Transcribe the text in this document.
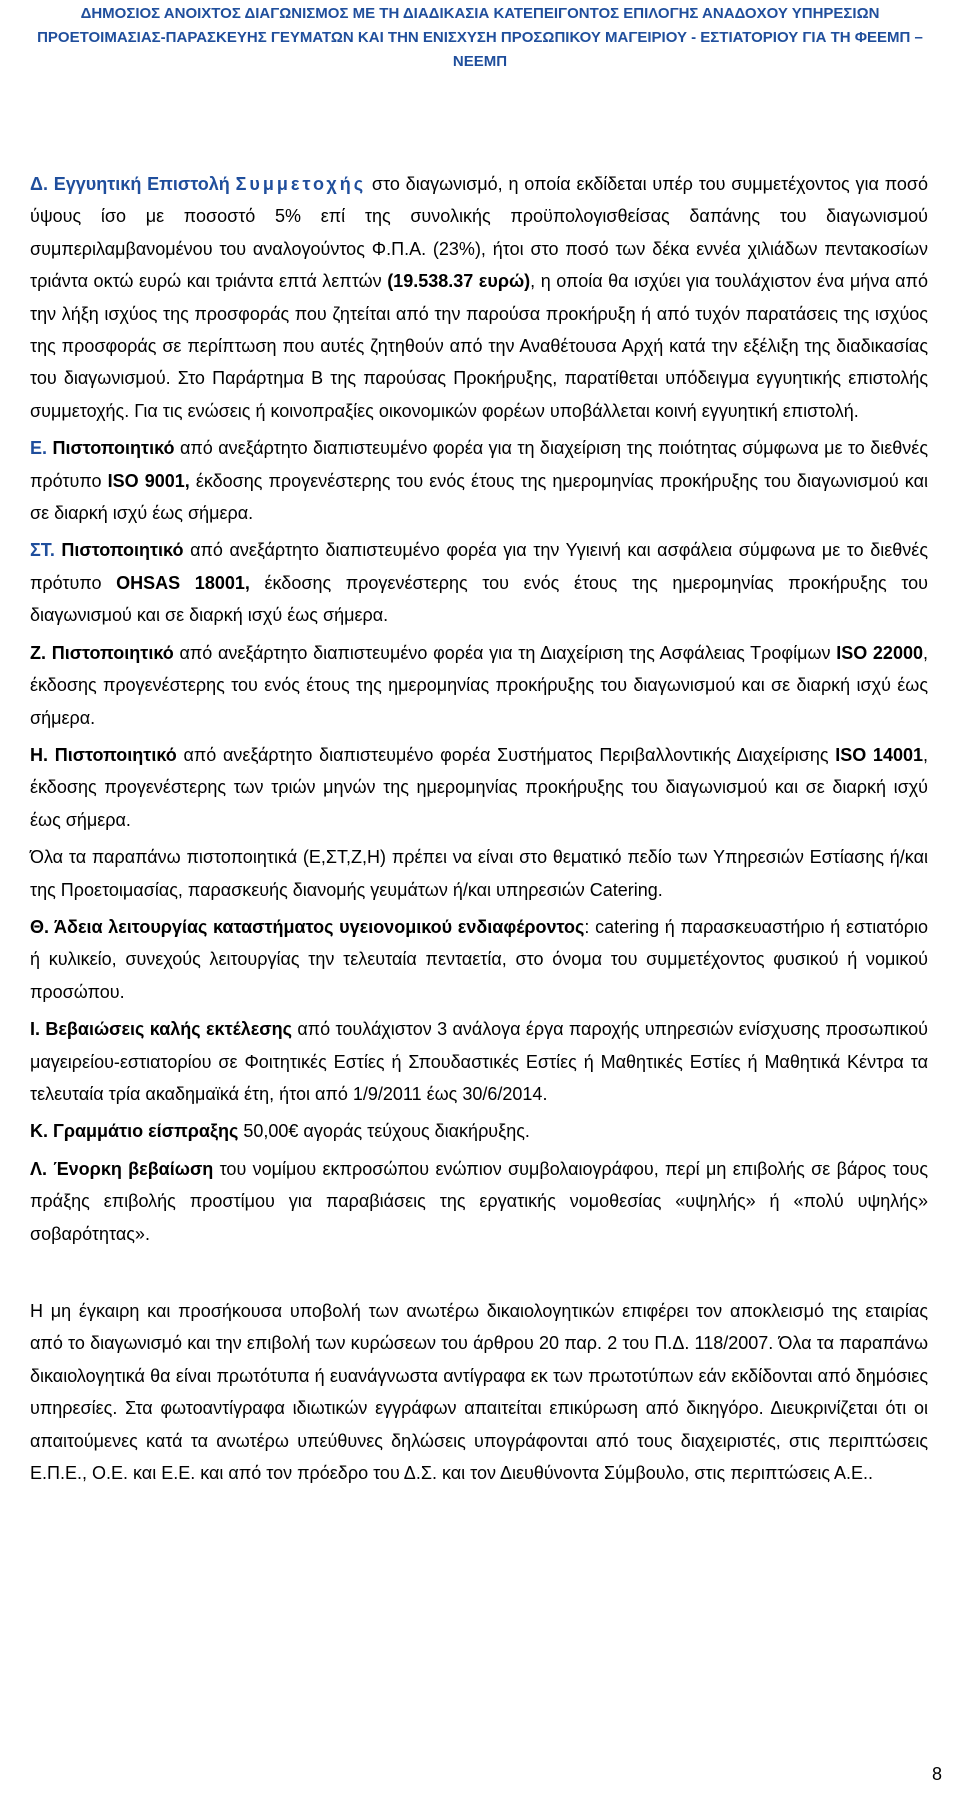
ΔΗΜΟΣΙΟΣ ΑΝΟΙΧΤΟΣ ΔΙΑΓΩΝΙΣΜΟΣ ΜΕ ΤΗ ΔΙΑΔΙΚΑΣΙΑ ΚΑΤΕΠΕΙΓΟΝΤΟΣ ΕΠΙΛΟΓΗΣ ΑΝΑΔΟΧΟΥ ΥΠΗΡΕΣΙΩΝ
ΠΡΟΕΤΟΙΜΑΣΙΑΣ-ΠΑΡΑΣΚΕΥΗΣ ΓΕΥΜΑΤΩΝ ΚΑΙ ΤΗΝ ΕΝΙΣΧΥΣΗ ΠΡΟΣΩΠΙΚΟΥ ΜΑΓΕΙΡΙΟΥ - ΕΣΤΙΑΤΟΡΙΟΥ ΓΙΑ ΤΗ ΦΕΕΜΠ –
ΝΕΕΜΠ

Δ. Εγγυητική Επιστολή Συμμετοχής στο διαγωνισμό, η οποία εκδίδεται υπέρ του συμμετέχοντος για ποσό ύψους ίσο με ποσοστό 5% επί της συνολικής προϋπολογισθείσας δαπάνης του διαγωνισμού συμπεριλαμβανομένου του αναλογούντος Φ.Π.Α. (23%), ήτοι στο ποσό των δέκα εννέα χιλιάδων πεντακοσίων τριάντα οκτώ ευρώ και τριάντα επτά λεπτών (19.538.37 ευρώ), η οποία θα ισχύει για τουλάχιστον ένα μήνα από την λήξη ισχύος της προσφοράς που ζητείται από την παρούσα προκήρυξη ή από τυχόν παρατάσεις της ισχύος της προσφοράς σε περίπτωση που αυτές ζητηθούν από την Αναθέτουσα Αρχή κατά την εξέλιξη της διαδικασίας του διαγωνισμού. Στο Παράρτημα Β της παρούσας Προκήρυξης, παρατίθεται υπόδειγμα εγγυητικής επιστολής συμμετοχής. Για τις ενώσεις ή κοινοπραξίες οικονομικών φορέων υποβάλλεται κοινή εγγυητική επιστολή.

Ε. Πιστοποιητικό από ανεξάρτητο διαπιστευμένο φορέα για τη διαχείριση της ποιότητας σύμφωνα με το διεθνές πρότυπο ISO 9001, έκδοσης προγενέστερης του ενός έτους της ημερομηνίας προκήρυξης του διαγωνισμού και σε διαρκή ισχύ έως σήμερα.

ΣΤ. Πιστοποιητικό από ανεξάρτητο διαπιστευμένο φορέα για την Υγιεινή και ασφάλεια σύμφωνα με το διεθνές πρότυπο OHSAS 18001, έκδοσης προγενέστερης του ενός έτους της ημερομηνίας προκήρυξης του διαγωνισμού και σε διαρκή ισχύ έως σήμερα.

Ζ. Πιστοποιητικό από ανεξάρτητο διαπιστευμένο φορέα για τη Διαχείριση της Ασφάλειας Τροφίμων ISO 22000, έκδοσης προγενέστερης του ενός έτους της ημερομηνίας προκήρυξης του διαγωνισμού και σε διαρκή ισχύ έως σήμερα.

Η. Πιστοποιητικό από ανεξάρτητο διαπιστευμένο φορέα Συστήματος Περιβαλλοντικής Διαχείρισης ISO 14001, έκδοσης προγενέστερης των τριών μηνών της ημερομηνίας προκήρυξης του διαγωνισμού και σε διαρκή ισχύ έως σήμερα.

Όλα τα παραπάνω πιστοποιητικά (Ε,ΣΤ,Ζ,Η) πρέπει να είναι στο θεματικό πεδίο των Υπηρεσιών Εστίασης ή/και της Προετοιμασίας, παρασκευής διανομής γευμάτων ή/και υπηρεσιών Catering.

Θ. Άδεια λειτουργίας καταστήματος υγειονομικού ενδιαφέροντος: catering ή παρασκευαστήριο ή εστιατόριο ή κυλικείο, συνεχούς λειτουργίας την τελευταία πενταετία, στο όνομα του συμμετέχοντος φυσικού ή νομικού προσώπου.

Ι. Βεβαιώσεις καλής εκτέλεσης από τουλάχιστον 3 ανάλογα έργα παροχής υπηρεσιών ενίσχυσης προσωπικού μαγειρείου-εστιατορίου σε Φοιτητικές Εστίες ή Σπουδαστικές Εστίες ή Μαθητικές Εστίες ή Μαθητικά Κέντρα τα τελευταία τρία ακαδημαϊκά έτη, ήτοι από 1/9/2011 έως 30/6/2014.

Κ. Γραμμάτιο είσπραξης 50,00€ αγοράς τεύχους διακήρυξης.

Λ. Ένορκη βεβαίωση του νομίμου εκπροσώπου ενώπιον συμβολαιογράφου, περί μη επιβολής σε βάρος τους πράξης επιβολής προστίμου για παραβιάσεις της εργατικής νομοθεσίας «υψηλής» ή «πολύ υψηλής» σοβαρότητας».

Η μη έγκαιρη και προσήκουσα υποβολή των ανωτέρω δικαιολογητικών επιφέρει τον αποκλεισμό της εταιρίας από το διαγωνισμό και την επιβολή των κυρώσεων του άρθρου 20 παρ. 2 του Π.Δ. 118/2007. Όλα τα παραπάνω δικαιολογητικά θα είναι πρωτότυπα ή ευανάγνωστα αντίγραφα εκ των πρωτοτύπων εάν εκδίδονται από δημόσιες υπηρεσίες. Στα φωτοαντίγραφα ιδιωτικών εγγράφων απαιτείται επικύρωση από δικηγόρο. Διευκρινίζεται ότι οι απαιτούμενες κατά τα ανωτέρω υπεύθυνες δηλώσεις υπογράφονται από τους διαχειριστές, στις περιπτώσεις Ε.Π.Ε., Ο.Ε. και Ε.Ε. και από τον πρόεδρο του Δ.Σ. και τον Διευθύνοντα Σύμβουλο, στις περιπτώσεις Α.Ε..

8
